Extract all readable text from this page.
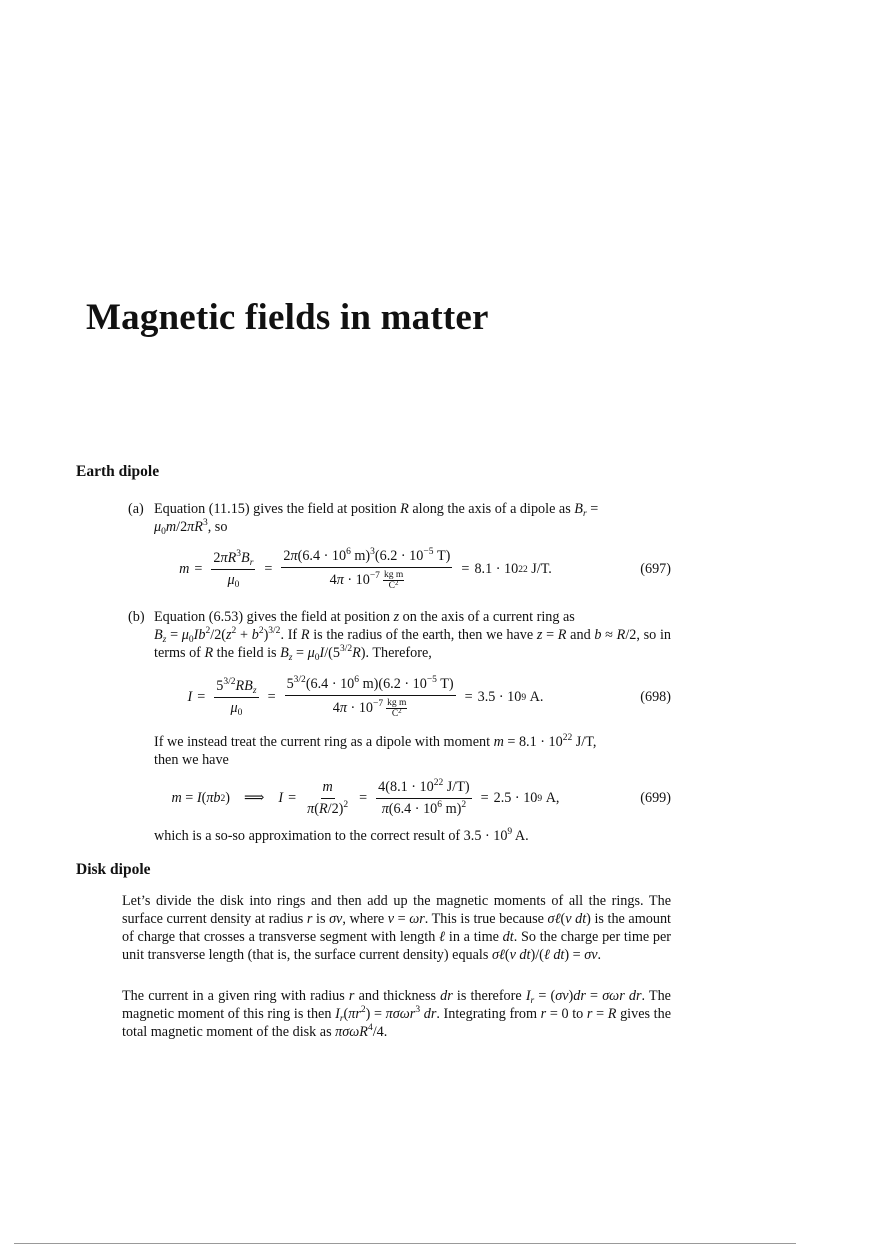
Magnetic fields in matter
Earth dipole
(a) Equation (11.15) gives the field at position R along the axis of a dipole as $B_r$ =
$\mu_0m/2\pi R^3$, so
$m = \frac{2\pi R^3B_r}{\mu_0} = \frac{2\pi(6.4 \cdot 10^6 m)^3(6.2 \cdot 10^{-5} T)}{4\pi \cdot 10^{-7} \frac{\text{kg m}}{C^2}} = 8.1 \cdot 10$ 22 J/T.	(697)
(b) Equation (6.53) gives the field at position z on the axis of a current ring as

$B_z = \mu_0Ib^2/2(z^2 + b^2)^{3/2}$. If R is the radius of the earth, then we have z = R and b ≈ R/2, so in terms of R the field is $B_z = \mu_0I/(5^{3/2}R)$. Therefore,
$I = \frac{5^{3/2}RB_z}{\mu_0} = \frac{5^{3/2}(6.4 \cdot 10^6 m)(6.2 \cdot 10^{-5} T)}{4\pi \cdot 10^{-7} \frac{\text{kg m}}{C^2}} = 3.5 \cdot 10$ 9 A.	(698)
If we instead treat the current ring as a dipole with moment $m = 8.1 \cdot 10^{22}$ J/T,
then we have
m = I ( πb 2 ) ⟹ $I = \frac{m}{\pi(R/2)^2} = \frac{4(8.1 \cdot 10^{22} J/T)}{\pi(6.4 \cdot 10^6 m)^2} = 2.5 \cdot 10$ 9 A,	(699)
which is a so-so approximation to the correct result of $3.5 \cdot 10^9$ A.
Disk dipole
Let’s divide the disk into rings and then add up the magnetic moments of all the rings. The surface current density at radius r is σv, where v = ωr. This is true because σℓ(v dt) is the amount of charge that crosses a transverse segment with length ℓ in a time dt. So the charge per time per unit transverse length (that is, the surface current density) equals σℓ(v dt)/(ℓ dt) = σv.
The current in a given ring with radius r and thickness dr is therefore $I_r = (\sigma v)dr = \sigma\omega r$ dr. The magnetic moment of this ring is then $I_r(\pi r^2) = \pi\sigma\omega r^3$ dr. Integrating from r = 0 to r = R gives the total magnetic moment of the disk as πσωR$^4$/4.
